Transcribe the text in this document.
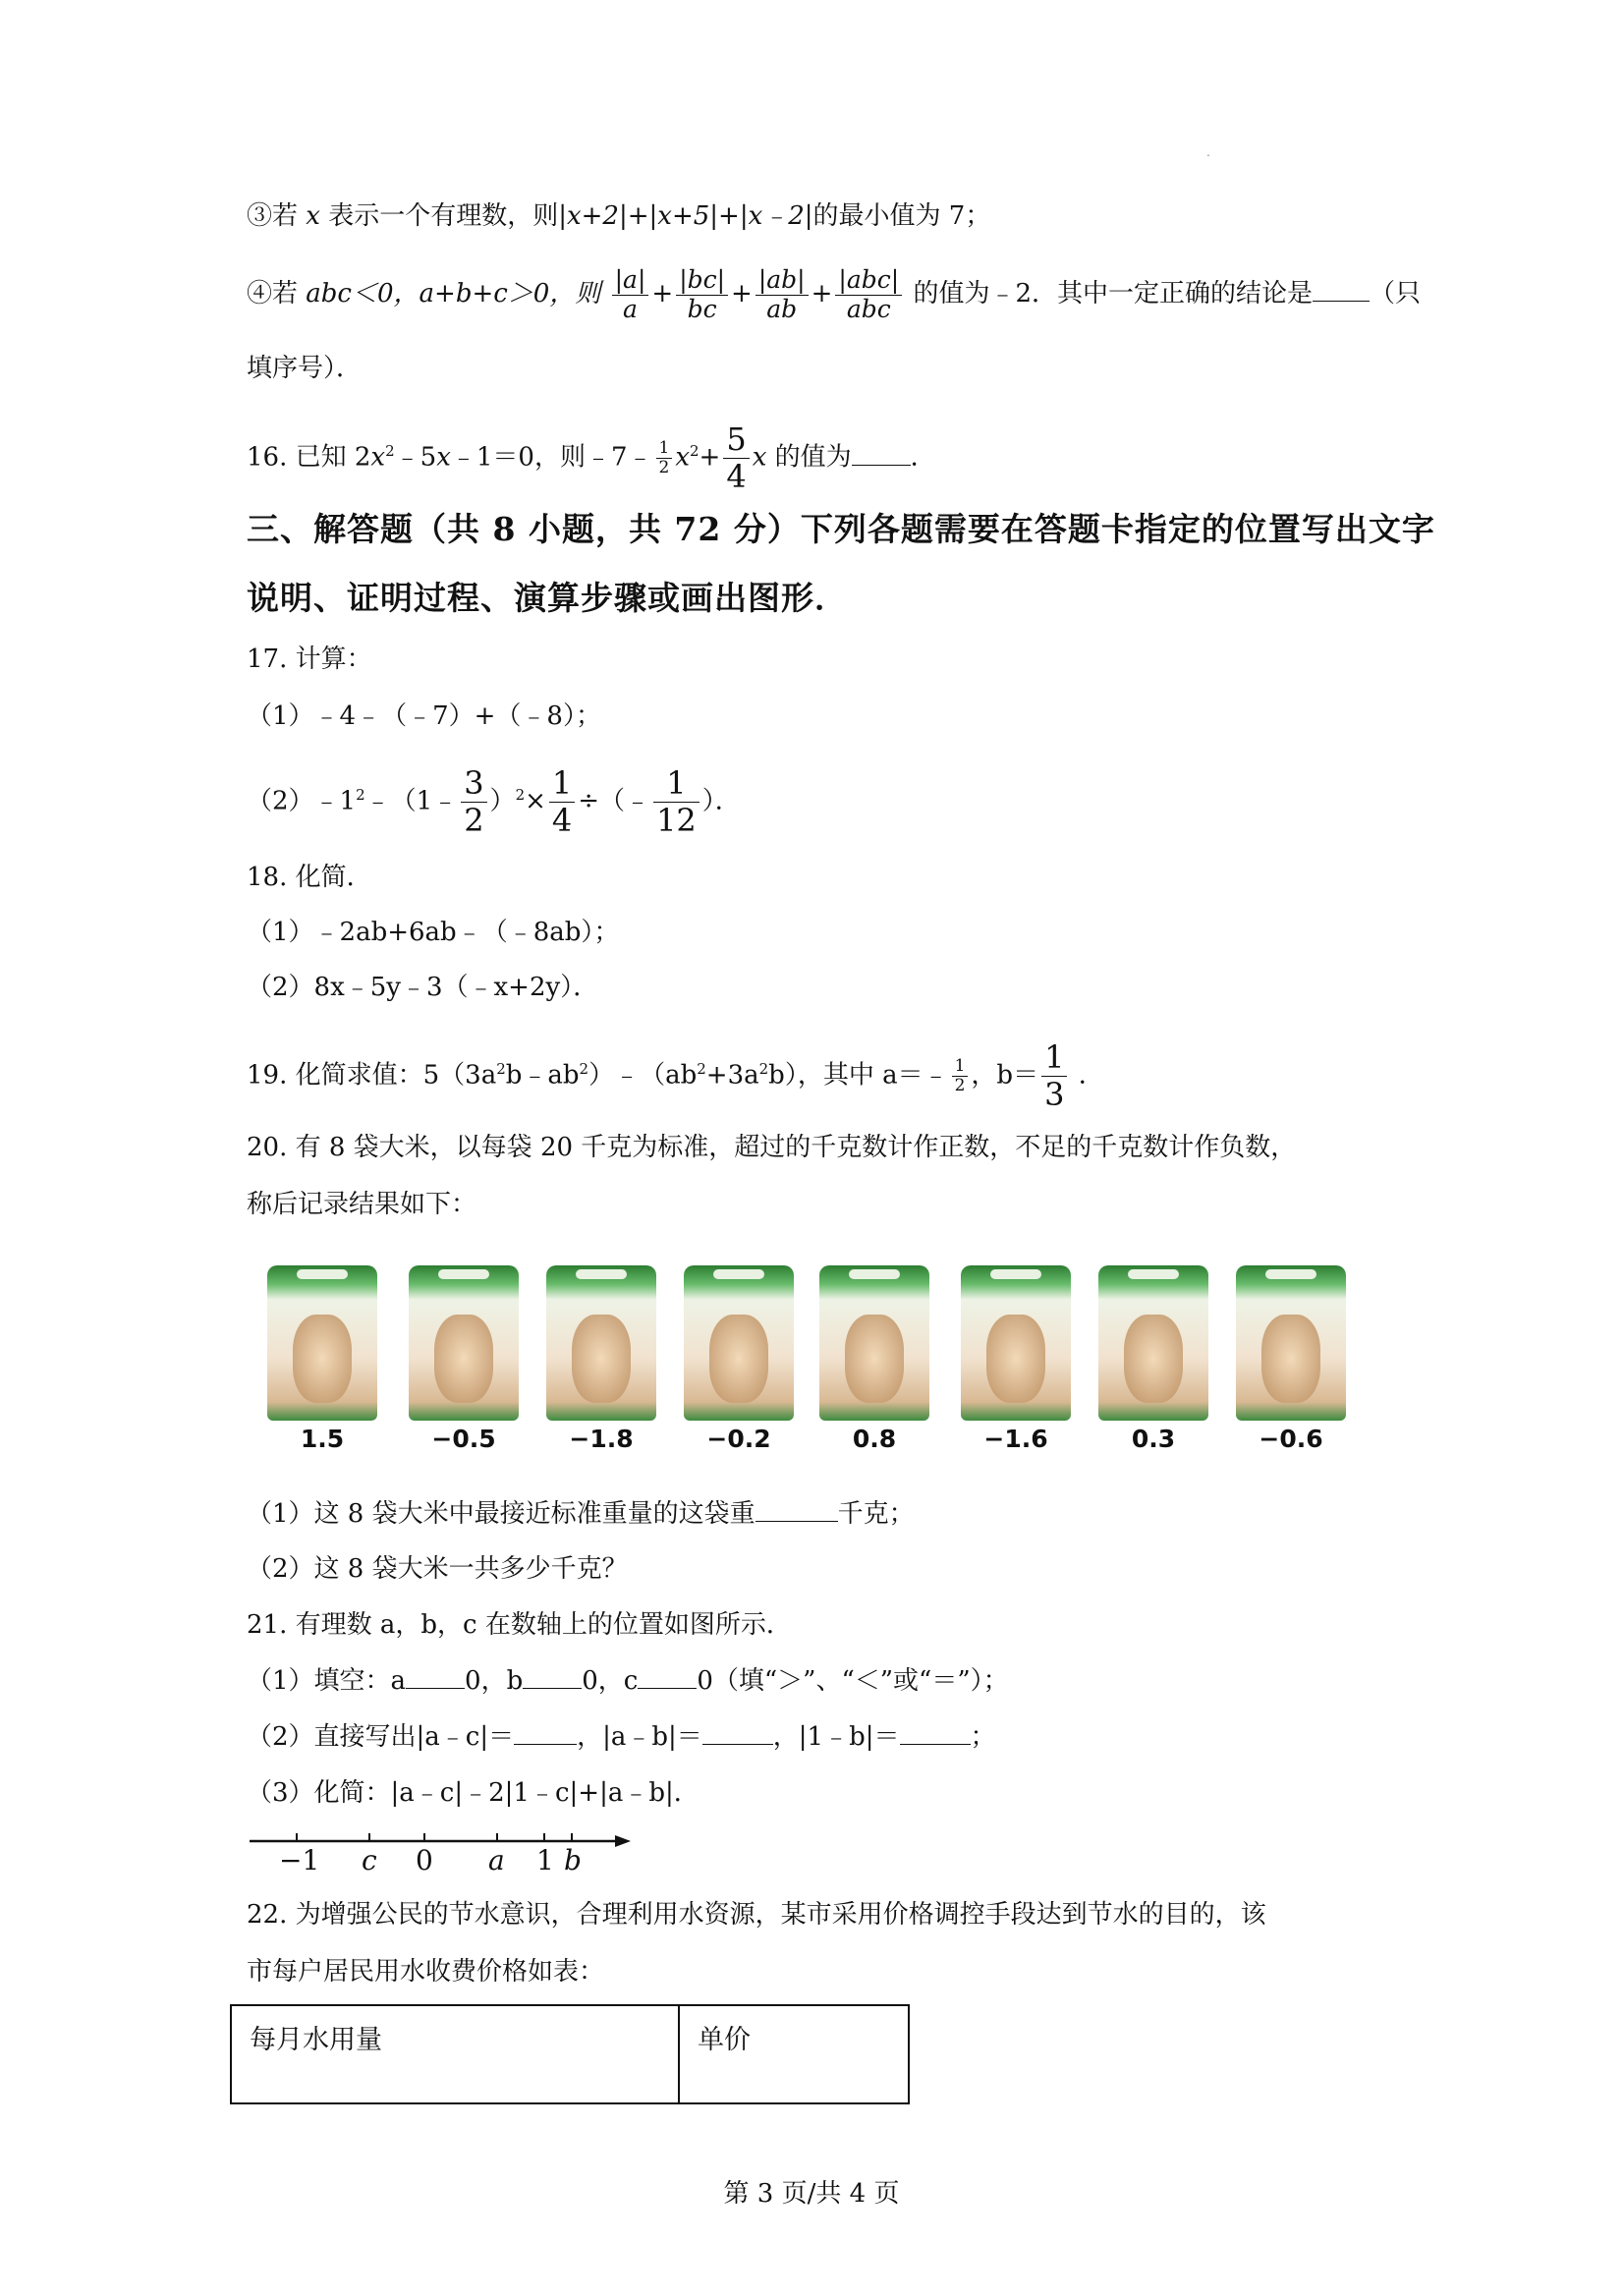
.
③若 x 表示一个有理数，则|x+2|+|x+5|+|x﹣2|的最小值为 7；
④若 abc＜0，a+b+c＞0，则 $\frac{|a|}{a} + \frac{|bc|}{bc} + \frac{|ab|}{ab} + \frac{\text{|abc|}}{\text{abc}}$ 的值为﹣2．其中一定正确的结论是 （只
填序号）．
16. 已知 $2x^2﹣5x﹣1=0$，则﹣7﹣ $\frac{1}{2} x^2+ \frac{5}{4}$ x 的值为 ．
三、解答题（共 8 小题，共 72 分）下列各题需要在答题卡指定的位置写出文字
说明、证明过程、演算步骤或画出图形．
17. 计算：
（1）﹣4﹣（﹣7）+（﹣8）；
$(2)﹣1^2﹣(1﹣ \frac{3}{2} )^2\times \frac{1}{4}$ ÷（﹣ $\frac{1}{12}$ ）．
18. 化简．
（1）﹣2ab+6ab﹣（﹣8ab）；
（2）8x﹣5y﹣3（﹣x+2y）．
19. 化简求值：$5(3a^2b﹣ab^2)﹣(ab^2+3a^2b)$，其中 a＝﹣ $\frac{1}{2}$ ，$b= \frac{1}{3}$ ．
20. 有 8 袋大米，以每袋 20 千克为标准，超过的千克数计作正数，不足的千克数计作负数，
称后记录结果如下：
1.5	−0.5	−1.8	−0.2	0.8	−1.6	0.3	−0.6
（1）这 8 袋大米中最接近标准重量的这袋重	千克；
（2）这 8 袋大米一共多少千克？
21. 有理数 a，b，c 在数轴上的位置如图所示．
（1）填空：a 0，b 0，c 0（填“＞”、“＜”或“＝”）；
（2）直接写出|a﹣c|＝ ，|a﹣b|＝	，|1﹣b|＝	；
（3）化简：|a﹣c|﹣2|1﹣c|+|a﹣b|．
−1 c 0 a 1 b
22. 为增强公民的节水意识，合理利用水资源，某市采用价格调控手段达到节水的目的，该
市每户居民用水收费价格如表：
每月水用量	单价
第 3 页/共 4 页
